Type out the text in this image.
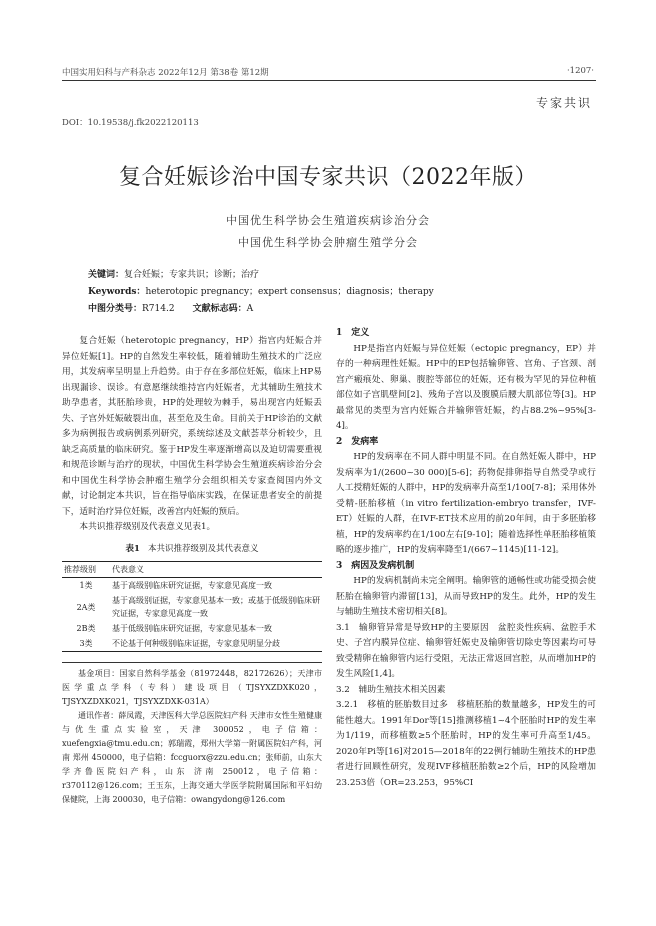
中国实用妇科与产科杂志 2022年12月 第38卷 第12期	·1207·
专家共识
DOI：10.19538/j.fk2022120113
复合妊娠诊治中国专家共识（2022年版）
中国优生科学协会生殖道疾病诊治分会
中国优生科学协会肿瘤生殖学分会
关键词：复合妊娠；专家共识；诊断；治疗
Keywords：heterotopic pregnancy；expert consensus；diagnosis；therapy
中图分类号：R714.2　　 文献标志码：A

复合妊娠（heterotopic pregnancy，HP）指宫内妊娠合并异位妊娠[1]。HP的自然发生率较低，随着辅助生殖技术的广泛应用，其发病率呈明显上升趋势。由于存在多部位妊娠，临床上HP易出现漏诊、误诊。有意愿继续维持宫内妊娠者，尤其辅助生殖技术助孕患者，其胚胎珍贵，HP的处理较为棘手，易出现宫内妊娠丢失、子宫外妊娠破裂出血，甚至危及生命。目前关于HP诊治的文献多为病例报告或病例系列研究，系统综述及文献荟萃分析较少，且缺乏高质量的临床研究。鉴于HP发生率逐渐增高以及迫切需要重视和规范诊断与治疗的现状，中国优生科学协会生殖道疾病诊治分会和中国优生科学协会肿瘤生殖学分会组织相关专家查阅国内外文献，讨论制定本共识，旨在指导临床实践，在保证患者安全的前提下，适时治疗异位妊娠，改善宫内妊娠的预后。

本共识推荐级别及代表意义见表1。

表1 本共识推荐级别及其代表意义
推荐级别	代表意义
1类	基于高级别临床研究证据，专家意见高度一致
2A类	基于高级别证据，专家意见基本一致；或基于低级别临床研究证据，专家意见高度一致
2B类	基于低级别临床研究证据，专家意见基本一致
3类	不论基于何种级别临床证据，专家意见明显分歧

基金项目：国家自然科学基金（81972448，82172626）；天津市医学重点学科（专科）建设项目（TJSYXZDXK020，TJSYXZDXK021，TJSYXZDXK-031A）

通讯作者：薛凤霞，天津医科大学总医院妇产科 天津市女性生殖健康与优生重点实验室，天津 300052，电子信箱：xuefengxia@tmu.edu.cn；郭瑞霞，郑州大学第一附属医院妇产科，河南 郑州 450000，电子信箱：fccguorx@zzu.edu.cn；张师前，山东大学齐鲁医院妇产科，山东 济南 250012，电子信箱：r370112@126.com；王玉东，上海交通大学医学院附属国际和平妇幼保健院，上海 200030，电子信箱：owangydong@126.com

1　定义

HP是指宫内妊娠与异位妊娠（ectopic pregnancy，EP）并存的一种病理性妊娠。HP中的EP包括输卵管、宫角、子宫颈、剖宫产瘢痕处、卵巢、腹腔等部位的妊娠，还有极为罕见的异位种植部位如子宫肌壁间[2]、残角子宫以及腹膜后腰大肌部位等[3]。HP最常见的类型为宫内妊娠合并输卵管妊娠，约占88.2%~95%[3-4]。

2　发病率

HP的发病率在不同人群中明显不同。在自然妊娠人群中，HP发病率为1/(2600~30 000)[5-6]；药物促排卵指导自然受孕或行人工授精妊娠的人群中，HP的发病率升高至1/100[7-8]；采用体外受精-胚胎移植（in vitro fertilization-embryo transfer，IVF-ET）妊娠的人群，在IVF-ET技术应用的前20年间，由于多胚胎移植，HP的发病率约在1/100左右[9-10]；随着选择性单胚胎移植策略的逐步推广，HP的发病率降至1/(667~1145)[11-12]。

3　病因及发病机制

HP的发病机制尚未完全阐明。输卵管的通畅性或功能受损会使胚胎在输卵管内滞留[13]，从而导致HP的发生。此外，HP的发生与辅助生殖技术密切相关[8]。

3.1　输卵管异常是导致HP的主要原因　盆腔炎性疾病、盆腔手术史、子宫内膜异位症、输卵管妊娠史及输卵管切除史等因素均可导致受精卵在输卵管内运行受阻，无法正常返回宫腔，从而增加HP的发生风险[1,4]。

3.2　辅助生殖技术相关因素

3.2.1　移植的胚胎数目过多　移植胚胎的数量越多，HP发生的可能性越大。1991年Dor等[15]推测移植1~4个胚胎时HP的发生率为1/119，而移植数≥5个胚胎时，HP的发生率可升高至1/45。2020年Pi等[16]对2015—2018年的22例行辅助生殖技术的HP患者进行回顾性研究，发现IVF移植胚胎数≥2个后，HP的风险增加23.253倍（OR=23.253，95%CI
